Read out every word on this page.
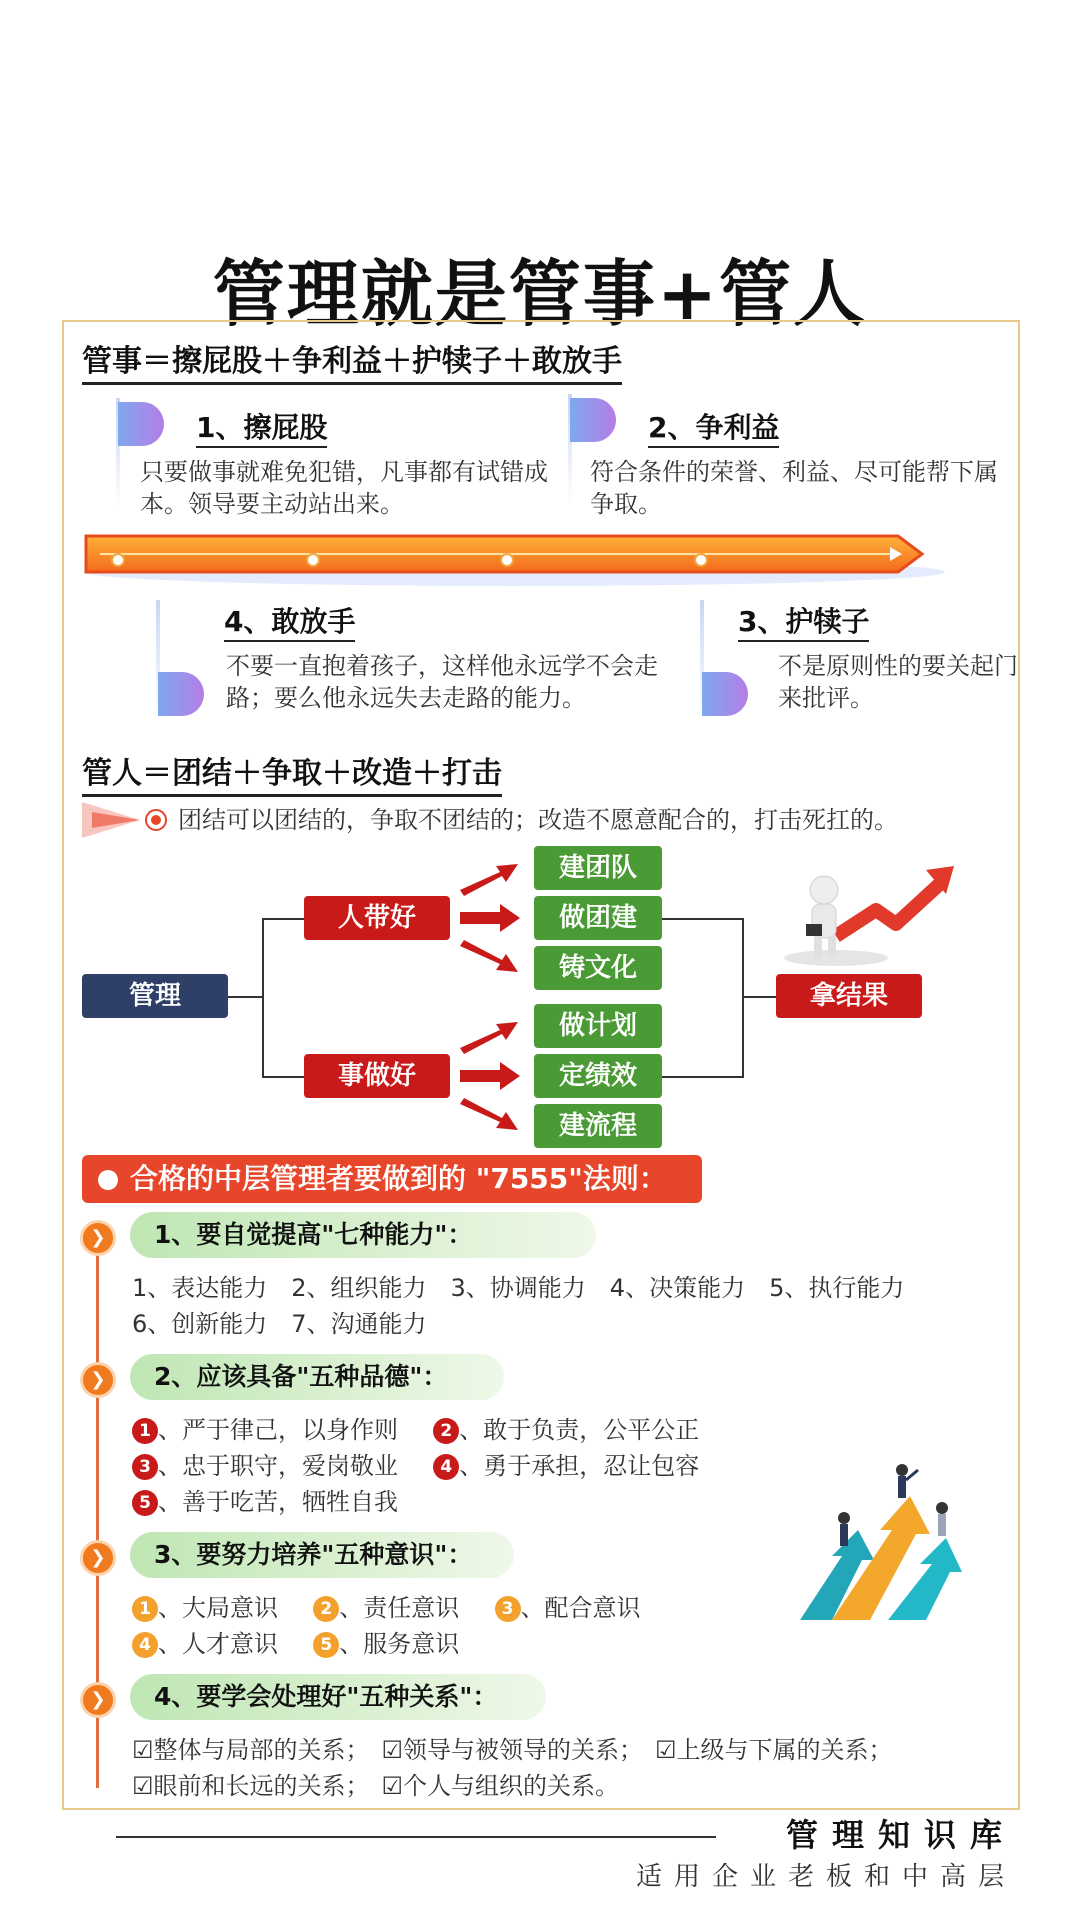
管理就是管事+管人
管事＝擦屁股＋争利益＋护犊子＋敢放手
1、擦屁股
只要做事就难免犯错，凡事都有试错成本。领导要主动站出来。
2、争利益
符合条件的荣誉、利益、尽可能帮下属争取。
4、敢放手
不要一直抱着孩子，这样他永远学不会走路；要么他永远失去走路的能力。
3、护犊子
不是原则性的要关起门来批评。
管人＝团结＋争取＋改造＋打击
团结可以团结的，争取不团结的；改造不愿意配合的，打击死扛的。
管理
人带好
事做好
建团队
做团建
铸文化
做计划
定绩效
建流程
拿结果
合格的中层管理者要做到的 "7555"法则：
❯	1、要自觉提高"七种能力"：
1、表达能力　2、组织能力　3、协调能力　4、决策能力　5、执行能力
6、创新能力　7、沟通能力
❯	2、应该具备"五种品德"：
1 、严于律己，以身作则 2 、敢于负责，公平公正
3 、忠于职守，爱岗敬业 4 、勇于承担，忍让包容
5 、善于吃苦，牺牲自我
❯	3、要努力培养"五种意识"：
1 、大局意识 2 、责任意识 3 、配合意识
4 、人才意识 5 、服务意识
❯	4、要学会处理好"五种关系"：
☑整体与局部的关系；　☑领导与被领导的关系；　☑上级与下属的关系；
☑眼前和长远的关系；　☑个人与组织的关系。
管理知识库
适用企业老板和中高层
